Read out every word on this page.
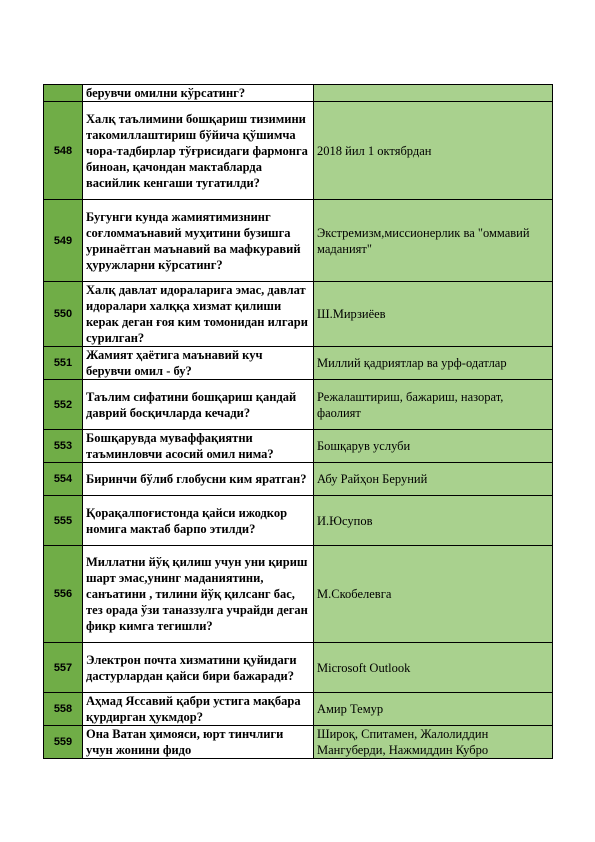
	берувчи омилни кўрсатинг?	
548	Халқ таълимини бошқариш тизимини такомиллаштириш бўйича қўшимча чора-тадбирлар тўғрисидаги фармонга биноан, қачондан мактабларда васийлик кенгаши тугатилди?	2018 йил 1 октябрдан
549	Бугунги кунда жамиятимизнинг соғломмаънавий муҳитини бузишга уринаётган маънавий ва мафкуравий ҳуружларни кўрсатинг?	Экстремизм,миссионерлик ва "оммавий маданият"
550	Халқ давлат идораларига эмас, давлат идоралари халққа хизмат қилиши керак деган ғоя ким томонидан илгари сурилган?	Ш.Мирзиёев
551	Жамият ҳаётига маънавий куч берувчи омил - бу?	Миллий қадриятлар ва урф-одатлар
552	Таълим сифатини бошқариш қандай даврий босқичларда кечади?	Режалаштириш, бажариш, назорат, фаолият
553	Бошқарувда муваффақиятни таъминловчи асосий омил нима?	Бошқарув услуби
554	Биринчи бўлиб глобусни ким яратган?	Абу Райҳон Беруний
555	Қорақалпоғистонда қайси ижодкор номига мактаб барпо этилди?	И.Юсупов
556	Миллатни йўқ қилиш учун уни қириш шарт эмас,унинг маданиятини, санъатини , тилини йўқ қилсанг бас, тез орада ўзи таназзулга учрайди деган фикр кимга тегишли?	М.Скобелевга
557	Электрон почта хизматини қуйидаги дастурлардан қайси бири бажаради?	Microsoft Outlook
558	Аҳмад Яссавий қабри устига мақбара қурдирган ҳукмдор?	Амир Темур
559	Она Ватан ҳимояси, юрт тинчлиги учун жонини фидо	Широқ, Спитамен, Жалолиддин Мангуберди, Нажмиддин Кубро
